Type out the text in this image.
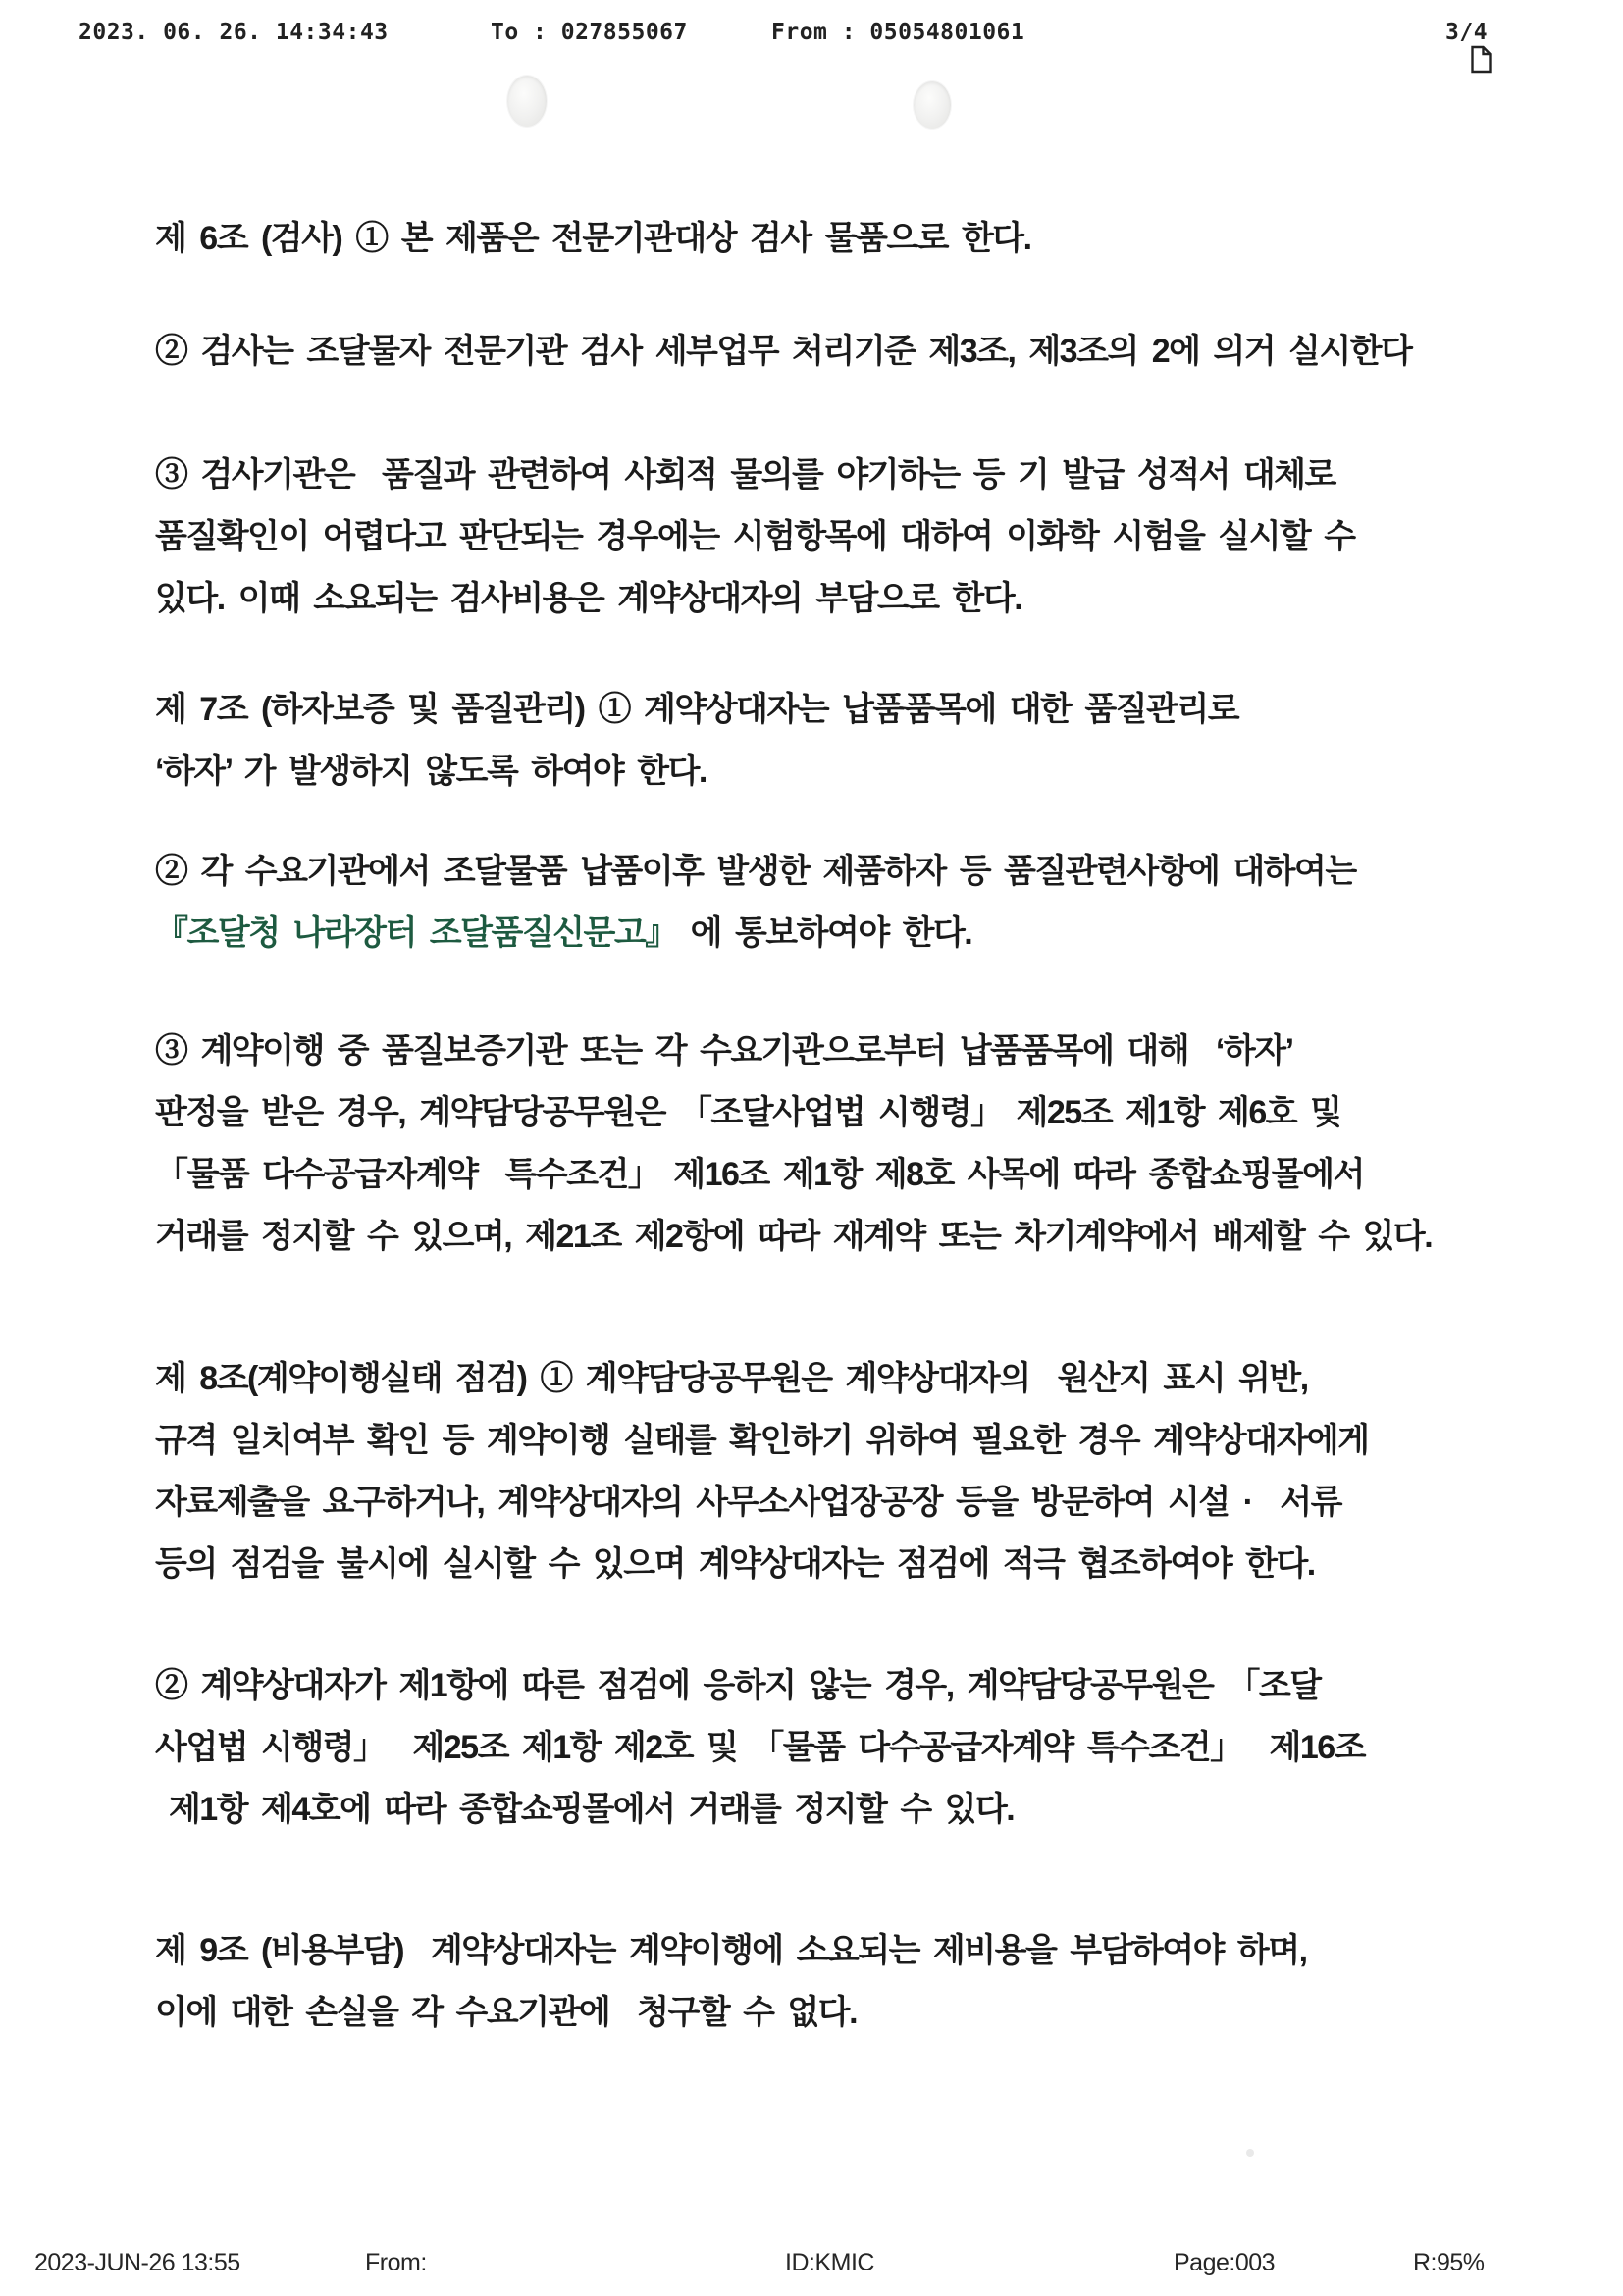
2023. 06. 26. 14:34:43	To : 027855067	From : 05054801061

	3/4
제 6조 (검사) ① 본 제품은 전문기관대상 검사 물품으로 한다.
② 검사는 조달물자 전문기관 검사 세부업무 처리기준 제3조, 제3조의 2에 의거 실시한다
③ 검사기관은  품질과 관련하여 사회적 물의를 야기하는 등 기 발급 성적서 대체로
품질확인이 어렵다고 판단되는 경우에는 시험항목에 대하여 이화학 시험을 실시할 수
있다. 이때 소요되는 검사비용은 계약상대자의 부담으로 한다.
제 7조 (하자보증 및 품질관리) ① 계약상대자는 납품품목에 대한 품질관리로
‘하자’ 가 발생하지 않도록 하여야 한다.
② 각 수요기관에서 조달물품 납품이후 발생한 제품하자 등 품질관련사항에 대하여는
『조달청 나라장터 조달품질신문고』 에 통보하여야 한다.
③ 계약이행 중 품질보증기관 또는 각 수요기관으로부터 납품품목에 대해  ‘하자’
판정을 받은 경우, 계약담당공무원은 「조달사업법 시행령」 제25조 제1항 제6호 및
「물품 다수공급자계약  특수조건」 제16조 제1항 제8호 사목에 따라 종합쇼핑몰에서
거래를 정지할 수 있으며, 제21조 제2항에 따라 재계약 또는 차기계약에서 배제할 수 있다.
제 8조(계약이행실태 점검) ① 계약담당공무원은 계약상대자의  원산지 표시 위반,
규격 일치여부 확인 등 계약이행 실태를 확인하기 위하여 필요한 경우 계약상대자에게
자료제출을 요구하거나, 계약상대자의 사무소사업장공장 등을 방문하여 시설 ·  서류
등의 점검을 불시에 실시할 수 있으며 계약상대자는 점검에 적극 협조하여야 한다.
② 계약상대자가 제1항에 따른 점검에 응하지 않는 경우, 계약담당공무원은 「조달
사업법 시행령」  제25조 제1항 제2호 및 「물품 다수공급자계약 특수조건」  제16조
제1항 제4호에 따라 종합쇼핑몰에서 거래를 정지할 수 있다.
제 9조 (비용부담)  계약상대자는 계약이행에 소요되는 제비용을 부담하여야 하며,
이에 대한 손실을 각 수요기관에  청구할 수 없다.
2023-JUN-26 13:55	From:	ID:KMIC	Page:003	R:95%
